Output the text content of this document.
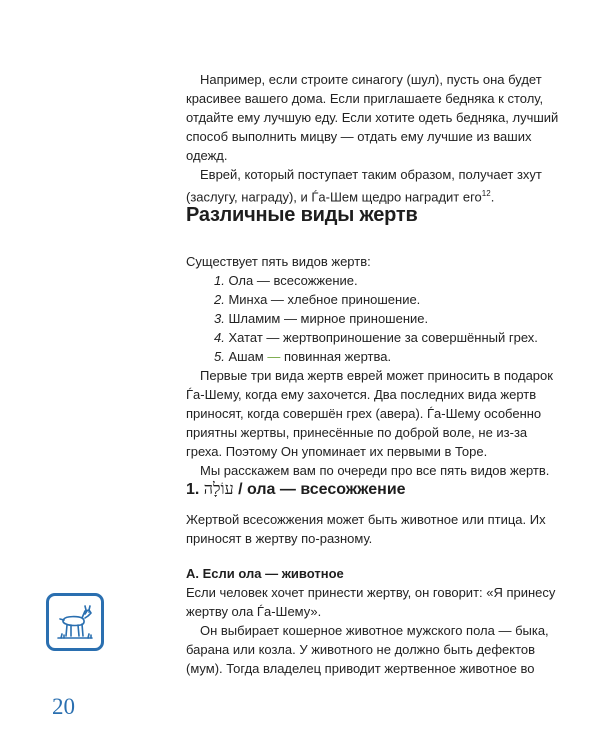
Например, если строите синагогу (шул), пусть она будет красивее вашего дома. Если приглашаете бедняка к столу, отдайте ему лучшую еду. Если хотите одеть бедняка, лучший способ выполнить мицву — отдать ему лучшие из ваших одежд.

Еврей, который поступает таким образом, получает зхут (заслугу, награду), и Ѓа-Шем щедро наградит его$^{12}$.

Различные виды жертв

Существует пять видов жертв:

1. Ола — всесожжение.
2. Минха — хлебное приношение.
3. Шламим — мирное приношение.
4. Хатат — жертвоприношение за совершённый грех.
5. Ашам — повинная жертва.

Первые три вида жертв еврей может приносить в подарок Ѓа-Шему, когда ему захочется. Два последних вида жертв приносят, когда совершён грех (авера). Ѓа-Шему особенно приятны жертвы, принесённые по доброй воле, не из-за греха. Поэтому Он упоминает их первыми в Торе.

Мы расскажем вам по очереди про все пять видов жертв.

1. עוֹלָה / ола — всесожжение

Жертвой всесожжения может быть животное или птица. Их приносят в жертву по-разному.

А. Если ола — животное

Если человек хочет принести жертву, он говорит: «Я принесу жертву ола Ѓа-Шему».

Он выбирает кошерное животное мужского пола — быка, барана или козла. У животного не должно быть дефектов (мум). Тогда владелец приводит жертвенное животное во

20
